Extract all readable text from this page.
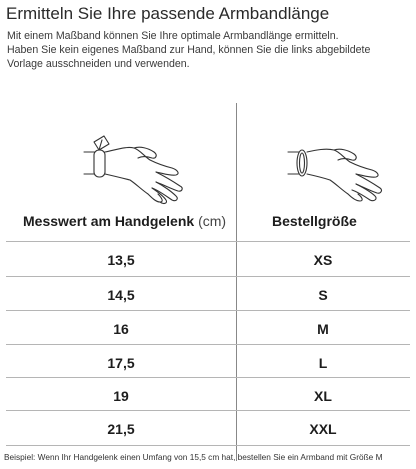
Ermitteln Sie Ihre passende Armbandlänge
Mit einem Maßband können Sie Ihre optimale Armbandlänge ermitteln.
Haben Sie kein eigenes Maßband zur Hand, können Sie die links abgebildete
Vorlage ausschneiden und verwenden.
Messwert am Handgelenk (cm)	Bestellgröße
13,5	XS
14,5	S
16	M
17,5	L
19	XL
21,5	XXL
Beispiel: Wenn Ihr Handgelenk einen Umfang von 15,5 cm hat, bestellen Sie ein Armband mit Größe M
